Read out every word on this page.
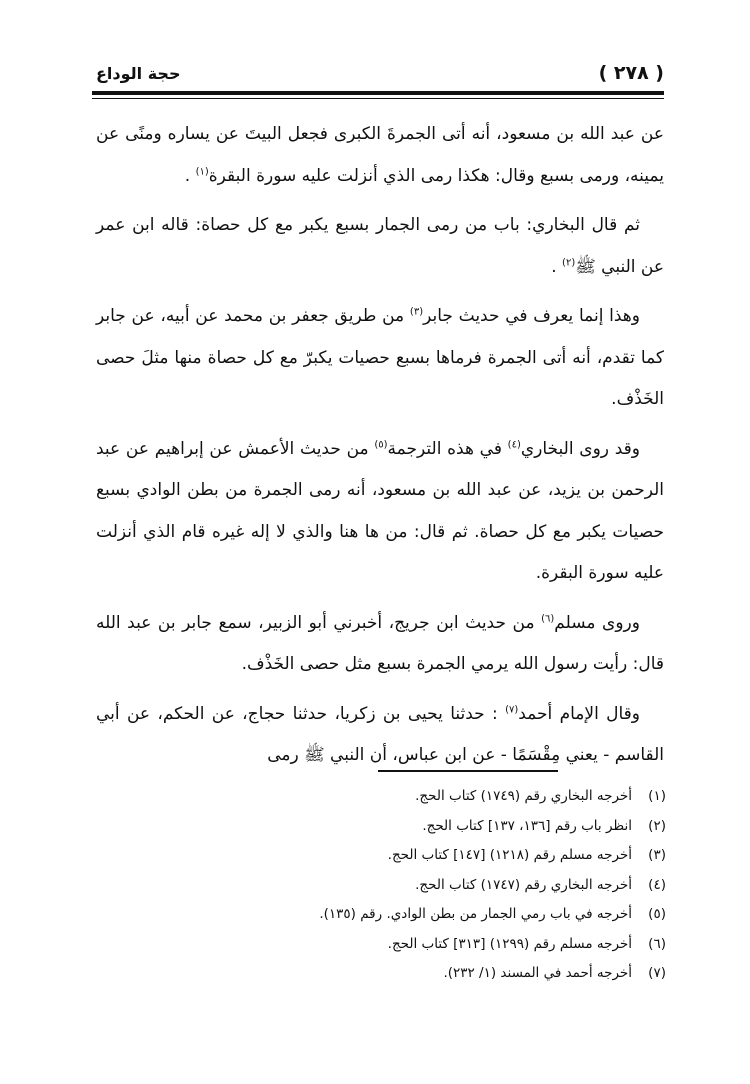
( ٢٧٨ )
حجة الوداع

عن عبد الله بن مسعود، أنه أتى الجمرةَ الكبرى فجعل البيتَ عن يساره ومنًى عن يمينه، ورمى بسبع وقال: هكذا رمى الذي أنزلت عليه سورة البقرة$^{(١)}$ .

ثم قال البخاري: باب من رمى الجمار بسبع يكبر مع كل حصاة: قاله ابن عمر عن النبي ﷺ$^{(٢)}$ .

وهذا إنما يعرف في حديث جابر$^{(٣)}$ من طريق جعفر بن محمد عن أبيه، عن جابر كما تقدم، أنه أتى الجمرة فرماها بسبع حصيات يكبرّ مع كل حصاة منها مثلَ حصى الخَذْف.

وقد روى البخاري$^{(٤)}$ في هذه الترجمة$^{(٥)}$ من حديث الأعمش عن إبراهيم عن عبد الرحمن بن يزيد، عن عبد الله بن مسعود، أنه رمى الجمرة من بطن الوادي بسبع حصيات يكبر مع كل حصاة. ثم قال: من ها هنا والذي لا إله غيره قام الذي أنزلت عليه سورة البقرة.

وروى مسلم$^{(٦)}$ من حديث ابن جريج، أخبرني أبو الزبير، سمع جابر بن عبد الله قال: رأيت رسول الله يرمي الجمرة بسبع مثل حصى الخَذْف.

وقال الإمام أحمد$^{(٧)}$ : حدثنا يحيى بن زكريا، حدثنا حجاج، عن الحكم، عن أبي القاسم - يعني مِقْسَمًا - عن ابن عباس، أن النبي ﷺ رمى

(١)
أخرجه البخاري رقم (١٧٤٩) كتاب الحج.
(٢)
انظر باب رقم [١٣٦، ١٣٧] كتاب الحج.
(٣)
أخرجه مسلم رقم (١٢١٨) [١٤٧] كتاب الحج.
(٤)
أخرجه البخاري رقم (١٧٤٧) كتاب الحج.
(٥)
أخرجه في باب رمي الجمار من بطن الوادي. رقم (١٣٥).
(٦)
أخرجه مسلم رقم (١٢٩٩) [٣١٣] كتاب الحج.
(٧)
أخرجه أحمد في المسند (١/ ٢٣٢).
